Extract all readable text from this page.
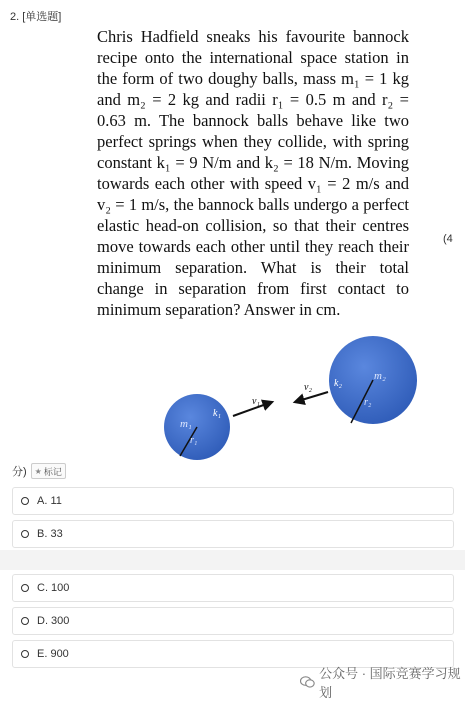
2. [单选题]
Chris Hadfield sneaks his favourite bannock recipe onto the international space station in the form of two doughy balls, mass m₁ = 1 kg and m₂ = 2 kg and radii r₁ = 0.5 m and r₂ = 0.63 m. The bannock balls behave like two perfect springs when they collide, with spring constant k₁ = 9 N/m and k₂ = 18 N/m. Moving towards each other with speed v₁ = 2 m/s and v₂ = 1 m/s, the bannock balls undergo a perfect elastic head-on collision, so that their centres move towards each other until they reach their minimum separation. What is their total change in separation from first contact to minimum separation? Answer in cm.
(4
m₁
r₁
k₁
m₂
r₂
k₂
v₁
v₂
分) ★ 标记
A. 11
B. 33
C. 100
D. 300
E. 900
公众号 · 国际竞赛学习规划
